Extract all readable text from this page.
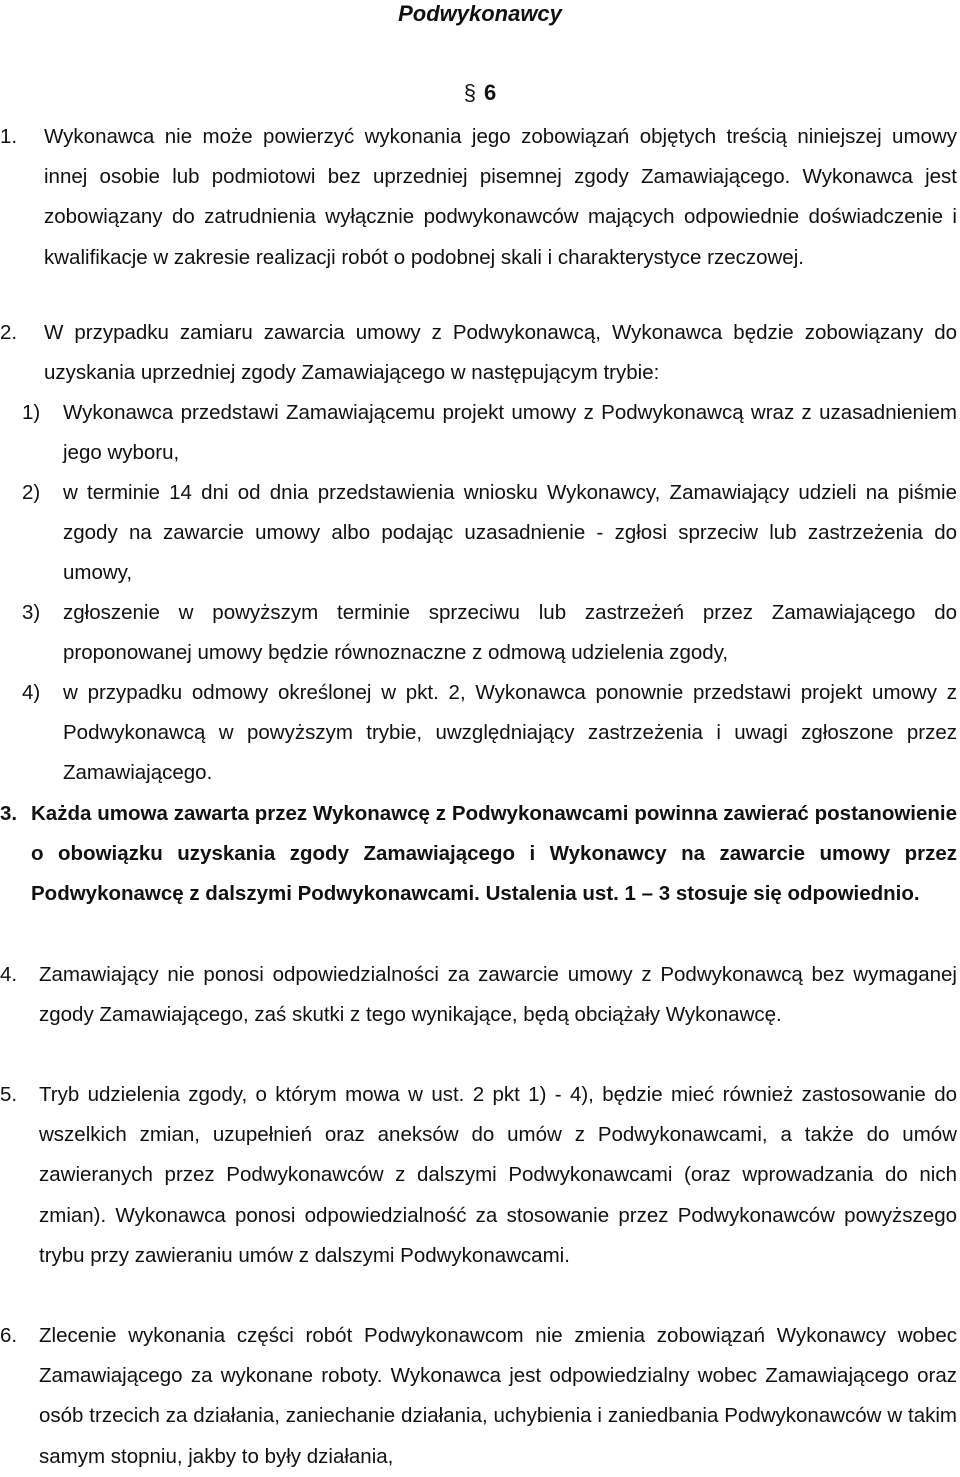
Podwykonawcy
§ 6
1. Wykonawca nie może powierzyć wykonania jego zobowiązań objętych treścią niniejszej umowy innej osobie lub podmiotowi bez uprzedniej pisemnej zgody Zamawiającego. Wykonawca jest zobowiązany do zatrudnienia wyłącznie podwykonawców mających odpowiednie doświadczenie i kwalifikacje w zakresie realizacji robót o podobnej skali i charakterystyce rzeczowej.
2. W przypadku zamiaru zawarcia umowy z Podwykonawcą, Wykonawca będzie zobowiązany do uzyskania uprzedniej zgody Zamawiającego w następującym trybie:
1) Wykonawca przedstawi Zamawiającemu projekt umowy z Podwykonawcą wraz z uzasadnieniem jego wyboru,
2) w terminie 14 dni od dnia przedstawienia wniosku Wykonawcy, Zamawiający udzieli na piśmie zgody na zawarcie umowy albo podając uzasadnienie - zgłosi sprzeciw lub zastrzeżenia do umowy,
3) zgłoszenie w powyższym terminie sprzeciwu lub zastrzeżeń przez Zamawiającego do proponowanej umowy będzie równoznaczne z odmową udzielenia zgody,
4) w przypadku odmowy określonej w pkt. 2, Wykonawca ponownie przedstawi projekt umowy z Podwykonawcą w powyższym trybie, uwzględniający zastrzeżenia i uwagi zgłoszone przez Zamawiającego.
3. Każda umowa zawarta przez Wykonawcę z Podwykonawcami powinna zawierać postanowienie o obowiązku uzyskania zgody Zamawiającego i Wykonawcy na zawarcie umowy przez Podwykonawcę z dalszymi Podwykonawcami. Ustalenia ust. 1 – 3 stosuje się odpowiednio.
4. Zamawiający nie ponosi odpowiedzialności za zawarcie umowy z Podwykonawcą bez wymaganej zgody Zamawiającego, zaś skutki z tego wynikające, będą obciążały Wykonawcę.
5. Tryb udzielenia zgody, o którym mowa w ust. 2 pkt 1) - 4), będzie mieć również zastosowanie do wszelkich zmian, uzupełnień oraz aneksów do umów z Podwykonawcami, a także do umów zawieranych przez Podwykonawców z dalszymi Podwykonawcami (oraz wprowadzania do nich zmian). Wykonawca ponosi odpowiedzialność za stosowanie przez Podwykonawców powyższego trybu przy zawieraniu umów z dalszymi Podwykonawcami.
6. Zlecenie wykonania części robót Podwykonawcom nie zmienia zobowiązań Wykonawcy wobec Zamawiającego za wykonane roboty. Wykonawca jest odpowiedzialny wobec Zamawiającego oraz osób trzecich za działania, zaniechanie działania, uchybienia i zaniedbania Podwykonawców w takim samym stopniu, jakby to były działania,
